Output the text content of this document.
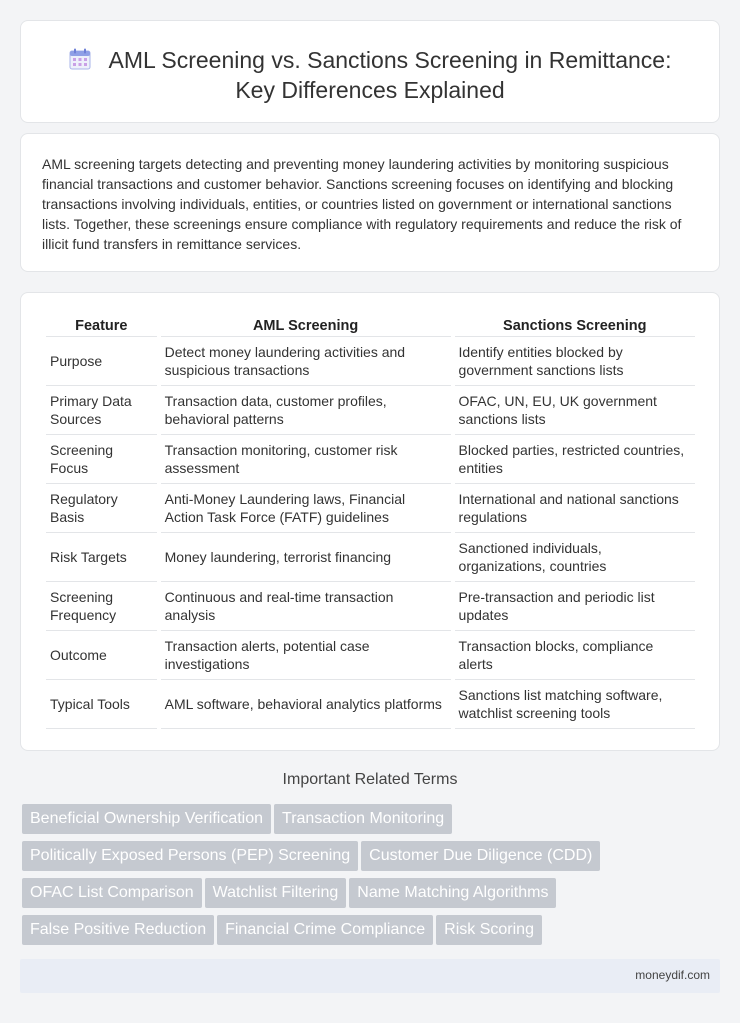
AML Screening vs. Sanctions Screening in Remittance:
Key Differences Explained

AML screening targets detecting and preventing money laundering activities by monitoring suspicious financial transactions and customer behavior. Sanctions screening focuses on identifying and blocking transactions involving individuals, entities, or countries listed on government or international sanctions lists. Together, these screenings ensure compliance with regulatory requirements and reduce the risk of illicit fund transfers in remittance services.

Feature	AML Screening	Sanctions Screening
Purpose	Detect money laundering activities and suspicious transactions	Identify entities blocked by government sanctions lists
Primary Data Sources	Transaction data, customer profiles, behavioral patterns	OFAC, UN, EU, UK government sanctions lists
Screening Focus	Transaction monitoring, customer risk assessment	Blocked parties, restricted countries, entities
Regulatory Basis	Anti-Money Laundering laws, Financial Action Task Force (FATF) guidelines	International and national sanctions regulations
Risk Targets	Money laundering, terrorist financing	Sanctioned individuals, organizations, countries
Screening Frequency	Continuous and real-time transaction analysis	Pre-transaction and periodic list updates
Outcome	Transaction alerts, potential case investigations	Transaction blocks, compliance alerts
Typical Tools	AML software, behavioral analytics platforms	Sanctions list matching software, watchlist screening tools
Important Related Terms
Beneficial Ownership Verification Transaction Monitoring
Politically Exposed Persons (PEP) Screening Customer Due Diligence (CDD)
OFAC List Comparison Watchlist Filtering Name Matching Algorithms
False Positive Reduction Financial Crime Compliance Risk Scoring
moneydif.com
